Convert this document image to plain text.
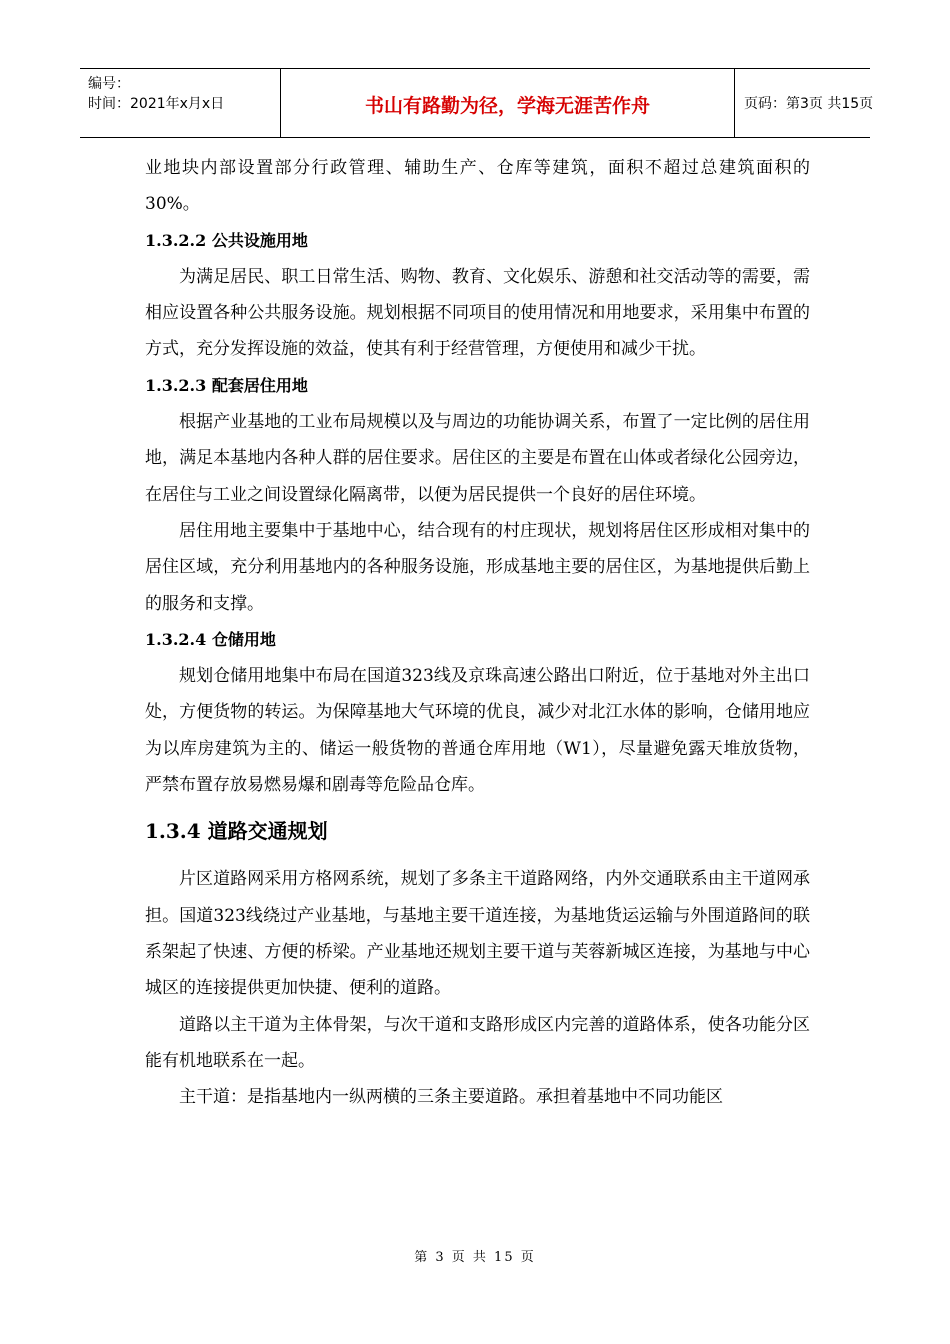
编号：
时间：2021年x月x日	书山有路勤为径，学海无涯苦作舟	页码：第3页 共15页

业地块内部设置部分行政管理、辅助生产、仓库等建筑，面积不超过总建筑面积的30%。

1.3.2.2 公共设施用地

为满足居民、职工日常生活、购物、教育、文化娱乐、游憩和社交活动等的需要，需相应设置各种公共服务设施。规划根据不同项目的使用情况和用地要求，采用集中布置的方式，充分发挥设施的效益，使其有利于经营管理，方便使用和减少干扰。

1.3.2.3 配套居住用地

根据产业基地的工业布局规模以及与周边的功能协调关系，布置了一定比例的居住用地，满足本基地内各种人群的居住要求。居住区的主要是布置在山体或者绿化公园旁边，在居住与工业之间设置绿化隔离带，以便为居民提供一个良好的居住环境。

居住用地主要集中于基地中心，结合现有的村庄现状，规划将居住区形成相对集中的居住区域，充分利用基地内的各种服务设施，形成基地主要的居住区，为基地提供后勤上的服务和支撑。

1.3.2.4 仓储用地

规划仓储用地集中布局在国道323线及京珠高速公路出口附近，位于基地对外主出口处，方便货物的转运。为保障基地大气环境的优良，减少对北江水体的影响，仓储用地应为以库房建筑为主的、储运一般货物的普通仓库用地（W1），尽量避免露天堆放货物，严禁布置存放易燃易爆和剧毒等危险品仓库。

1.3.4 道路交通规划

片区道路网采用方格网系统，规划了多条主干道路网络，内外交通联系由主干道网承担。国道323线绕过产业基地，与基地主要干道连接，为基地货运运输与外围道路间的联系架起了快速、方便的桥梁。产业基地还规划主要干道与芙蓉新城区连接，为基地与中心城区的连接提供更加快捷、便利的道路。

道路以主干道为主体骨架，与次干道和支路形成区内完善的道路体系，使各功能分区能有机地联系在一起。

主干道：是指基地内一纵两横的三条主要道路。承担着基地中不同功能区

第 3 页 共 15 页
